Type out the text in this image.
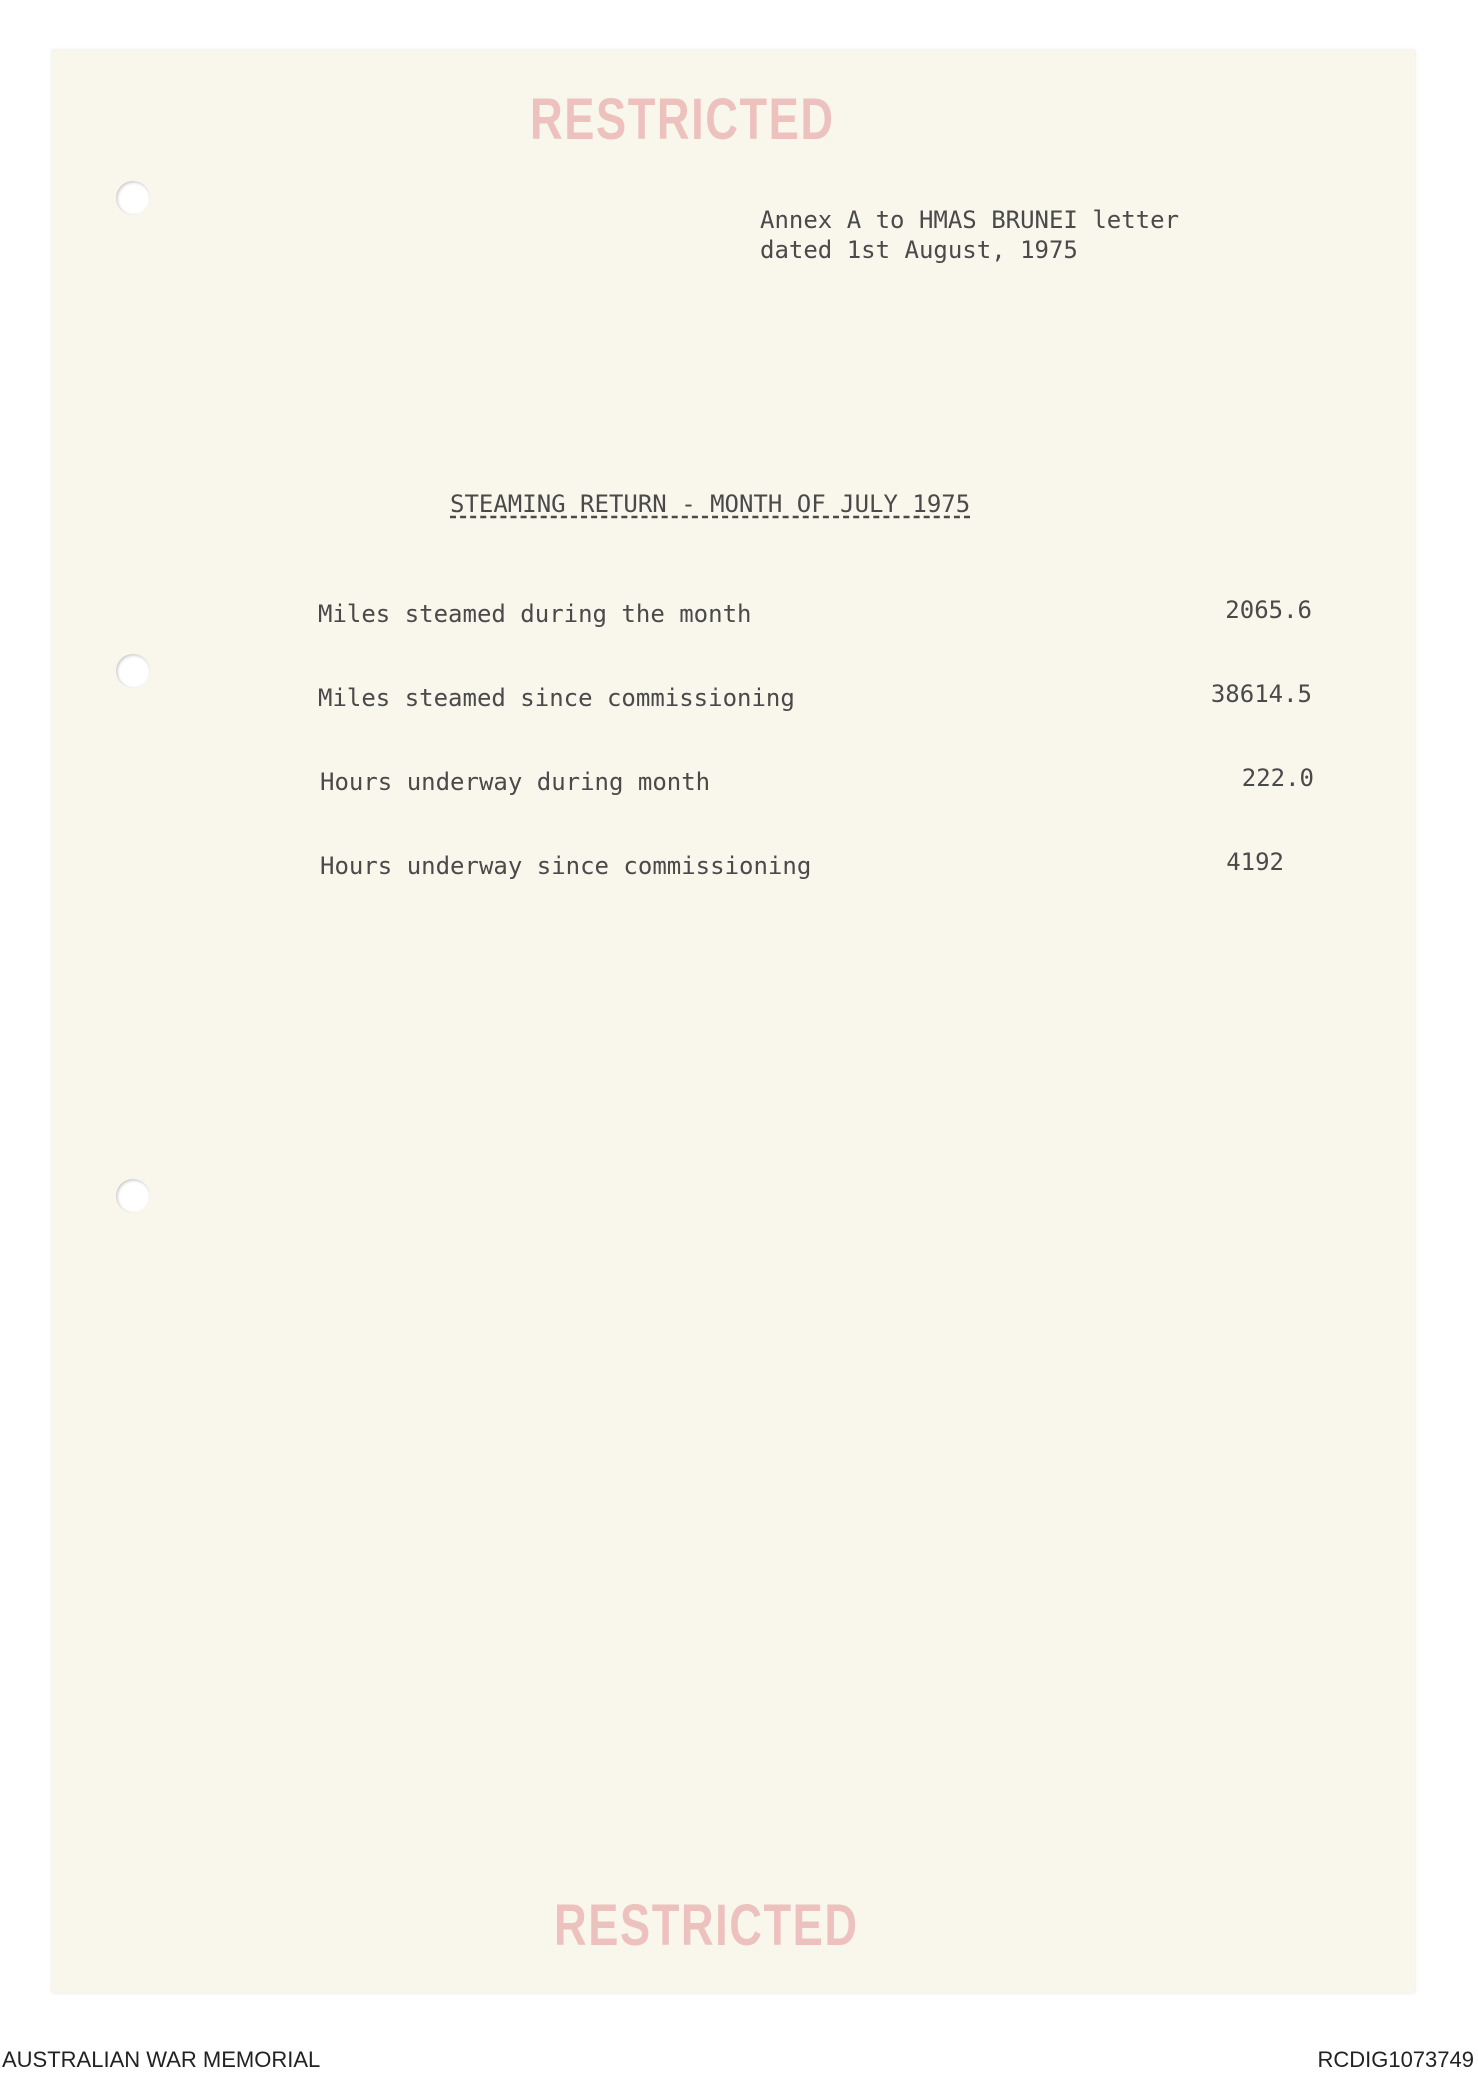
RESTRICTED
Annex A to HMAS BRUNEI letter
dated 1st August, 1975
STEAMING RETURN - MONTH OF JULY 1975
Miles steamed during the month	2065.6
Miles steamed since commissioning	38614.5
Hours underway during month	222.0
Hours underway since commissioning	4192
RESTRICTED
AUSTRALIAN WAR MEMORIAL	RCDIG1073749
